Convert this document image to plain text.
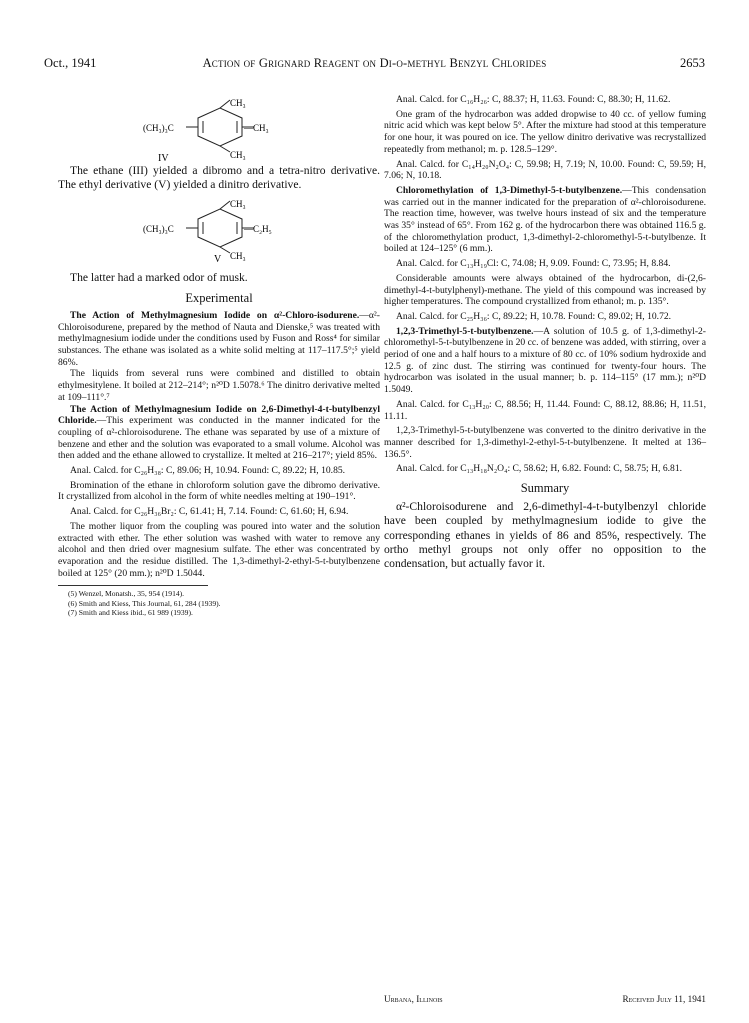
Oct., 1941	Action of Grignard Reagent on Di-o-methyl Benzyl Chlorides	2653
CH₃
—CH₃
CH₃
(CH₃)₃C
IV

The ethane (III) yielded a dibromo and a tetra-nitro derivative. The ethyl derivative (V) yielded a dinitro derivative.

CH₃
—C₂H₅
CH₃
(CH₃)₃C
V

The latter had a marked odor of musk.

Experimental

The Action of Methylmagnesium Iodide on α²-Chloro-isodurene.—α²-Chloroisodurene, prepared by the method of Nauta and Dienske,⁵ was treated with methylmagnesium iodide under the conditions used by Fuson and Ross⁴ for similar substances. The ethane was isolated as a white solid melting at 117–117.5°;⁵ yield 86%.

The liquids from several runs were combined and distilled to obtain ethylmesitylene. It boiled at 212–214°; n²⁰D 1.5078.⁶ The dinitro derivative melted at 109–111°.⁷

The Action of Methylmagnesium Iodide on 2,6-Dimethyl-4-t-butylbenzyl Chloride.—This experiment was conducted in the manner indicated for the coupling of α²-chloroisodurene. The ethane was separated by use of a mixture of benzene and ether and the solution was evaporated to a small volume. Alcohol was then added and the ethane allowed to crystallize. It melted at 216–217°; yield 85%.

Anal. Calcd. for C₂₆H₃₈: C, 89.06; H, 10.94. Found: C, 89.22; H, 10.85.

Bromination of the ethane in chloroform solution gave the dibromo derivative. It crystallized from alcohol in the form of white needles melting at 190–191°.

Anal. Calcd. for C₂₆H₃₆Br₂: C, 61.41; H, 7.14. Found: C, 61.60; H, 6.94.

The mother liquor from the coupling was poured into water and the solution extracted with ether. The ether solution was washed with water to remove any alcohol and then dried over magnesium sulfate. The ether was concentrated by evaporation and the residue distilled. The 1,3-dimethyl-2-ethyl-5-t-butylbenzene boiled at 125° (20 mm.); n²⁰D 1.5044.

(5) Wenzel, Monatsh., 35, 954 (1914).

(6) Smith and Kiess, This Journal, 61, 284 (1939).

(7) Smith and Kiess ibid., 61 989 (1939).

Anal. Calcd. for C₁₆H₂₆: C, 88.37; H, 11.63. Found: C, 88.30; H, 11.62.

One gram of the hydrocarbon was added dropwise to 40 cc. of yellow fuming nitric acid which was kept below 5°. After the mixture had stood at this temperature for one hour, it was poured on ice. The yellow dinitro derivative was recrystallized repeatedly from methanol; m. p. 128.5–129°.

Anal. Calcd. for C₁₄H₂₀N₂O₄: C, 59.98; H, 7.19; N, 10.00. Found: C, 59.59; H, 7.06; N, 10.18.

Chloromethylation of 1,3-Dimethyl-5-t-butylbenzene.—This condensation was carried out in the manner indicated for the preparation of α²-chloroisodurene. The reaction time, however, was twelve hours instead of six and the temperature was 35° instead of 65°. From 162 g. of the hydrocarbon there was obtained 116.5 g. of the chloromethylation product, 1,3-dimethyl-2-chloromethyl-5-t-butylbenze. It boiled at 124–125° (6 mm.).

Anal. Calcd. for C₁₃H₁₉Cl: C, 74.08; H, 9.09. Found: C, 73.95; H, 8.84.

Considerable amounts were always obtained of the hydrocarbon, di-(2,6-dimethyl-4-t-butylphenyl)-methane. The yield of this compound was increased by higher temperatures. The compound crystallized from ethanol; m. p. 135°.

Anal. Calcd. for C₂₅H₃₆: C, 89.22; H, 10.78. Found: C, 89.02; H, 10.72.

1,2,3-Trimethyl-5-t-butylbenzene.—A solution of 10.5 g. of 1,3-dimethyl-2-chloromethyl-5-t-butylbenzene in 20 cc. of benzene was added, with stirring, over a period of one and a half hours to a mixture of 80 cc. of 10% sodium hydroxide and 12.5 g. of zinc dust. The stirring was continued for twenty-four hours. The hydrocarbon was isolated in the usual manner; b. p. 114–115° (17 mm.); n²⁰D 1.5049.

Anal. Calcd. for C₁₃H₂₀: C, 88.56; H, 11.44. Found: C, 88.12, 88.86; H, 11.51, 11.11.

1,2,3-Trimethyl-5-t-butylbenzene was converted to the dinitro derivative in the manner described for 1,3-dimethyl-2-ethyl-5-t-butylbenzene. It melted at 136–136.5°.

Anal. Calcd. for C₁₃H₁₈N₂O₄: C, 58.62; H, 6.82. Found: C, 58.75; H, 6.81.

Summary

α²-Chloroisodurene and 2,6-dimethyl-4-t-butylbenzyl chloride have been coupled by methylmagnesium iodide to give the corresponding ethanes in yields of 86 and 85%, respectively. The ortho methyl groups not only offer no opposition to the condensation, but actually favor it.

Urbana, Illinois	Received July 11, 1941
